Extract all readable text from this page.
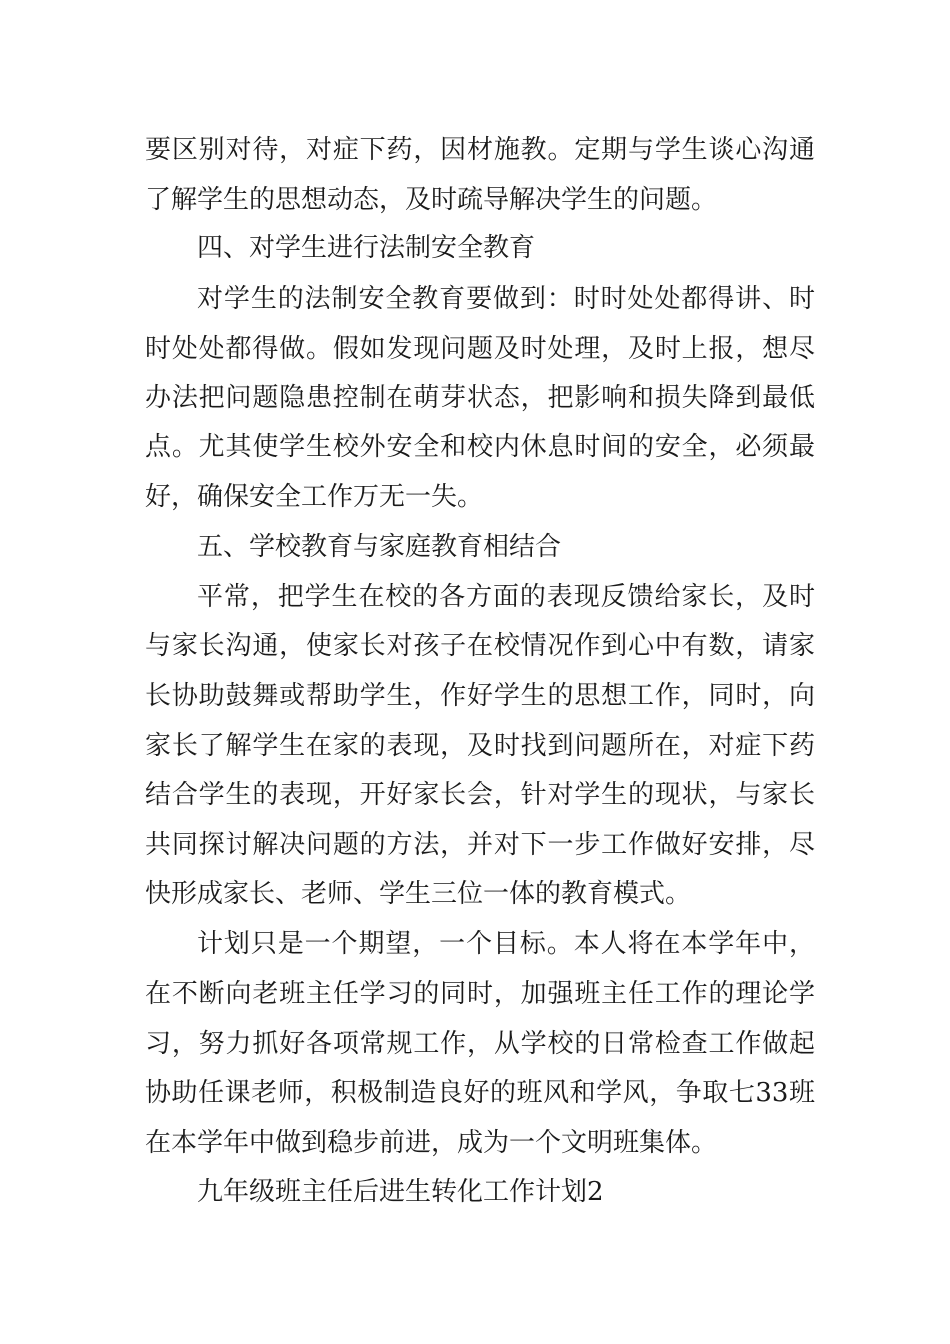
要区别对待，对症下药，因材施教。定期与学生谈心沟通
了解学生的思想动态，及时疏导解决学生的问题。
四、对学生进行法制安全教育
对学生的法制安全教育要做到：时时处处都得讲、时
时处处都得做。假如发现问题及时处理，及时上报，想尽
办法把问题隐患控制在萌芽状态，把影响和损失降到最低
点。尤其使学生校外安全和校内休息时间的安全，必须最
好，确保安全工作万无一失。
五、学校教育与家庭教育相结合
平常，把学生在校的各方面的表现反馈给家长，及时
与家长沟通，使家长对孩子在校情况作到心中有数，请家
长协助鼓舞或帮助学生，作好学生的思想工作，同时，向
家长了解学生在家的表现，及时找到问题所在，对症下药
结合学生的表现，开好家长会，针对学生的现状，与家长
共同探讨解决问题的方法，并对下一步工作做好安排，尽
快形成家长、老师、学生三位一体的教育模式。
计划只是一个期望，一个目标。本人将在本学年中，
在不断向老班主任学习的同时，加强班主任工作的理论学
习，努力抓好各项常规工作，从学校的日常检查工作做起
协助任课老师，积极制造良好的班风和学风，争取七33班
在本学年中做到稳步前进，成为一个文明班集体。
九年级班主任后进生转化工作计划2
